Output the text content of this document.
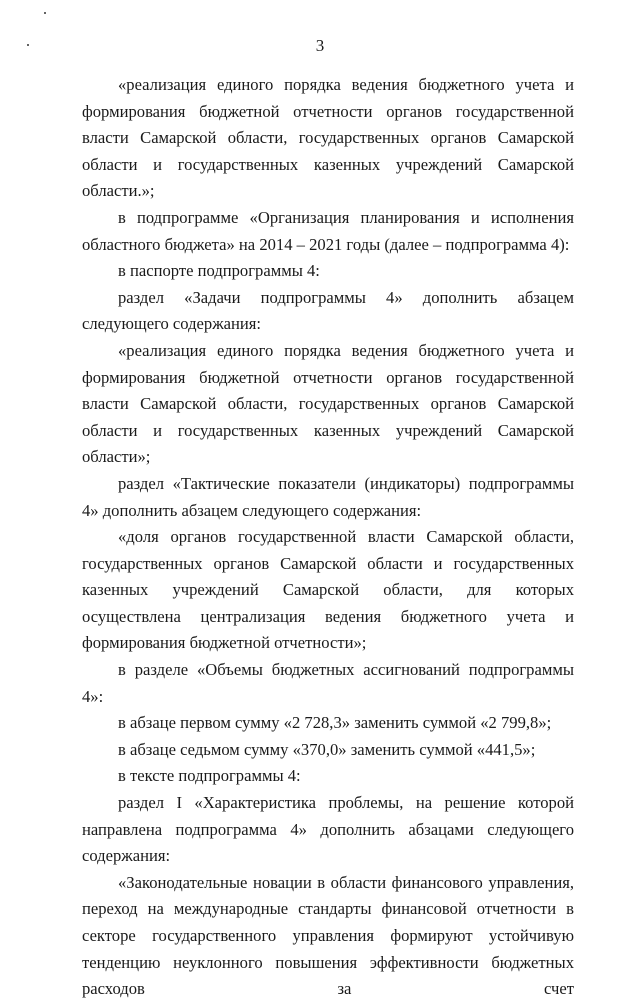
3

«реализация единого порядка ведения бюджетного учета и формирования бюджетной отчетности органов государственной власти Самарской области, государственных органов Самарской области и государственных казенных учреждений Самарской области.»;

в подпрограмме «Организация планирования и исполнения областного бюджета» на 2014 – 2021 годы (далее – подпрограмма 4):

в паспорте подпрограммы 4:

раздел «Задачи подпрограммы 4» дополнить абзацем следующего содержания:

«реализация единого порядка ведения бюджетного учета и формирования бюджетной отчетности органов государственной власти Самарской области, государственных органов Самарской области и государственных казенных учреждений Самарской области»;

раздел «Тактические показатели (индикаторы) подпрограммы 4» дополнить абзацем следующего содержания:

«доля органов государственной власти Самарской области, государственных органов Самарской области и государственных казенных учреждений Самарской области, для которых осуществлена централизация ведения бюджетного учета и формирования бюджетной отчетности»;

в разделе «Объемы бюджетных ассигнований подпрограммы 4»:

в абзаце первом сумму «2 728,3» заменить суммой «2 799,8»;

в абзаце седьмом сумму «370,0» заменить суммой «441,5»;

в тексте подпрограммы 4:

раздел I «Характеристика проблемы, на решение которой направлена подпрограмма 4» дополнить абзацами следующего содержания:

«Законодательные новации в области финансового управления, переход на международные стандарты финансовой отчетности в секторе государственного управления формируют устойчивую тенденцию неуклонного повышения эффективности бюджетных расходов за счет
